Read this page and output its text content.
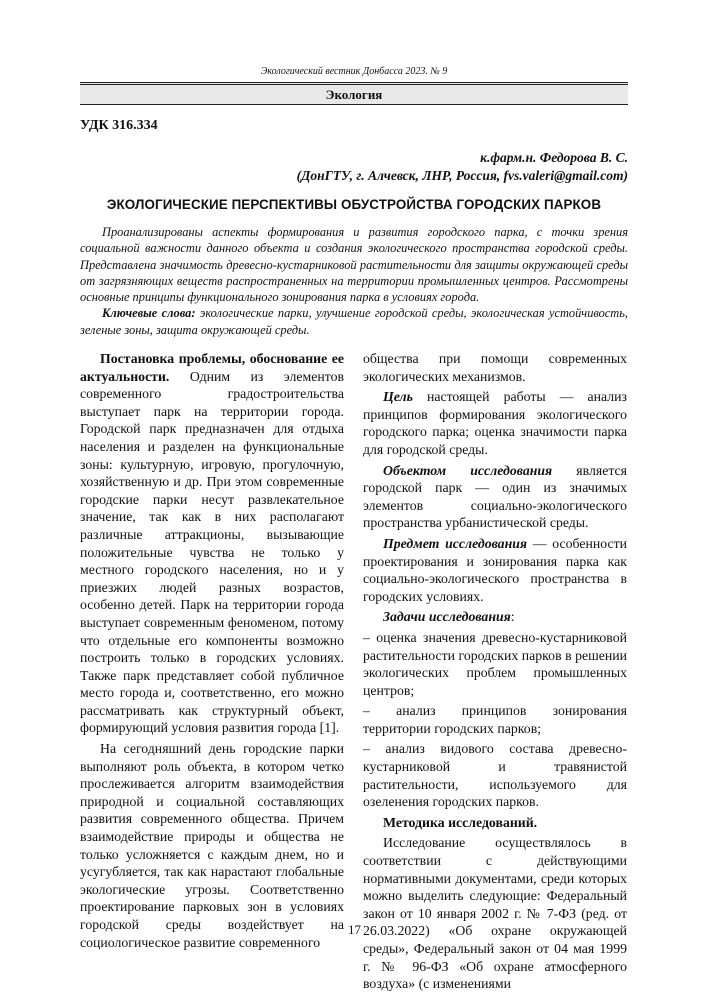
Экологический вестник Донбасса 2023. № 9
Экология
УДК 316.334
к.фарм.н. Федорова В. С.
(ДонГТУ, г. Алчевск, ЛНР, Россия, fvs.valeri@gmail.com)
ЭКОЛОГИЧЕСКИЕ ПЕРСПЕКТИВЫ ОБУСТРОЙСТВА ГОРОДСКИХ ПАРКОВ

Проанализированы аспекты формирования и развития городского парка, с точки зрения социальной важности данного объекта и создания экологического пространства городской среды. Представлена значимость древесно-кустарниковой растительности для защиты окружающей среды от загрязняющих веществ распространенных на территории промышленных центров. Рассмотрены основные принципы функционального зонирования парка в условиях города.

Ключевые слова: экологические парки, улучшение городской среды, экологическая устойчивость, зеленые зоны, защита окружающей среды.

Постановка проблемы, обоснование ее актуальности. Одним из элементов современного градостроительства выступает парк на территории города. Городской парк предназначен для отдыха населения и разделен на функциональные зоны: культурную, игровую, прогулочную, хозяйственную и др. При этом современные городские парки несут развлекательное значение, так как в них располагают различные аттракционы, вызывающие положительные чувства не только у местного городского населения, но и у приезжих людей разных возрастов, особенно детей. Парк на территории города выступает современным феноменом, потому что отдельные его компоненты возможно построить только в городских условиях. Также парк представляет собой публичное место города и, соответственно, его можно рассматривать как структурный объект, формирующий условия развития города [1].

На сегодняшний день городские парки выполняют роль объекта, в котором четко прослеживается алгоритм взаимодействия природной и социальной составляющих развития современного общества. Причем взаимодействие природы и общества не только усложняется с каждым днем, но и усугубляется, так как нарастают глобальные экологические угрозы. Соответственно проектирование парковых зон в условиях городской среды воздействует на социологическое развитие современного

общества при помощи современных экологических механизмов.

Цель настоящей работы — анализ принципов формирования экологического городского парка; оценка значимости парка для городской среды.

Объектом исследования является городской парк — один из значимых элементов социально-экологического пространства урбанистической среды.

Предмет исследования — особенности проектирования и зонирования парка как социально-экологического пространства в городских условиях.

Задачи исследования:

– оценка значения древесно-кустарниковой растительности городских парков в решении экологических проблем промышленных центров;

– анализ принципов зонирования территории городских парков;

– анализ видового состава древесно-кустарниковой и травянистой растительности, используемого для озеленения городских парков.

Методика исследований.

Исследование осуществлялось в соответствии с действующими нормативными документами, среди которых можно выделить следующие: Федеральный закон от 10 января 2002 г. № 7-ФЗ (ред. от 26.03.2022) «Об охране окружающей среды», Федеральный закон от 04 мая 1999 г. № 96-ФЗ «Об охране атмосферного воздуха» (с изменениями

17
